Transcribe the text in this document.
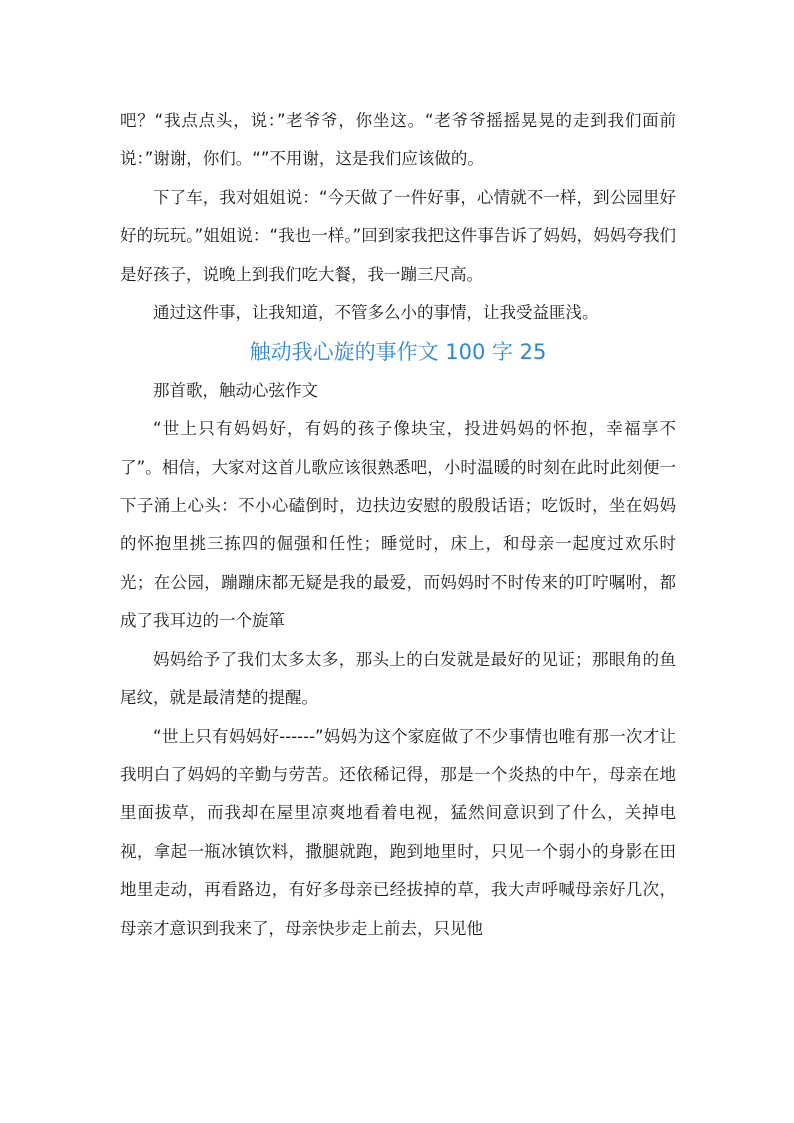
吧？“我点点头，说：”老爷爷，你坐这。“老爷爷摇摇晃晃的走到我们面前说：”谢谢，你们。“”不用谢，这是我们应该做的。

下了车，我对姐姐说：“今天做了一件好事，心情就不一样，到公园里好好的玩玩。”姐姐说：“我也一样。”回到家我把这件事告诉了妈妈，妈妈夸我们是好孩子，说晚上到我们吃大餐，我一蹦三尺高。

通过这件事，让我知道，不管多么小的事情，让我受益匪浅。

触动我心旋的事作文 100 字 25

那首歌，触动心弦作文

“世上只有妈妈好，有妈的孩子像块宝，投进妈妈的怀抱，幸福享不了”。相信，大家对这首儿歌应该很熟悉吧，小时温暖的时刻在此时此刻便一下子涌上心头：不小心磕倒时，边扶边安慰的殷殷话语；吃饭时，坐在妈妈的怀抱里挑三拣四的倔强和任性；睡觉时，床上，和母亲一起度过欢乐时光；在公园，蹦蹦床都无疑是我的最爱，而妈妈时不时传来的叮咛嘱咐，都成了我耳边的一个旋箪

妈妈给予了我们太多太多，那头上的白发就是最好的见证；那眼角的鱼尾纹，就是最清楚的提醒。

“世上只有妈妈好------”妈妈为这个家庭做了不少事情也唯有那一次才让我明白了妈妈的辛勤与劳苦。还依稀记得，那是一个炎热的中午，母亲在地里面拔草，而我却在屋里凉爽地看着电视，猛然间意识到了什么，关掉电视，拿起一瓶冰镇饮料，撒腿就跑，跑到地里时，只见一个弱小的身影在田地里走动，再看路边，有好多母亲已经拔掉的草，我大声呼喊母亲好几次，母亲才意识到我来了，母亲快步走上前去，只见他
